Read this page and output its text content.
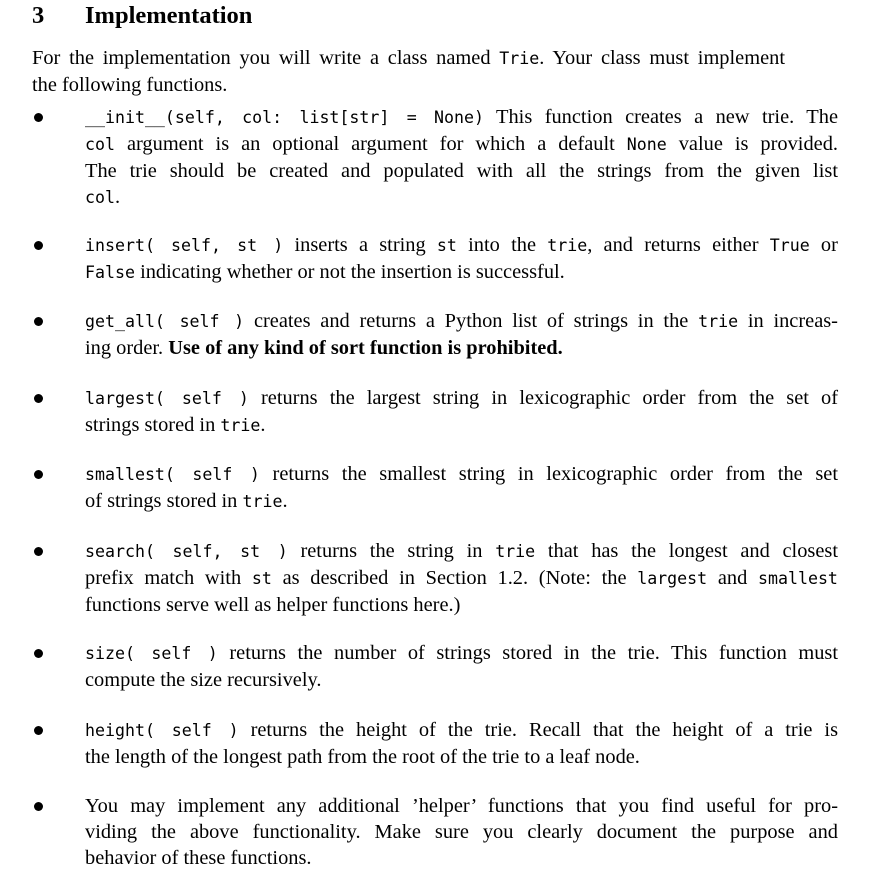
3 Implementation
For the implementation you will write a class named Trie. Your class must implement
the following functions.
__init__(self, col: list[str] = None) This function creates a new trie. The
col argument is an optional argument for which a default None value is provided.
The trie should be created and populated with all the strings from the given list
col.
insert( self, st ) inserts a string st into the trie, and returns either True or
False indicating whether or not the insertion is successful.
get_all( self ) creates and returns a Python list of strings in the trie in increas-
ing order. Use of any kind of sort function is prohibited.
largest( self ) returns the largest string in lexicographic order from the set of
strings stored in trie.
smallest( self ) returns the smallest string in lexicographic order from the set
of strings stored in trie.
search( self, st ) returns the string in trie that has the longest and closest
prefix match with st as described in Section 1.2. (Note: the largest and smallest
functions serve well as helper functions here.)
size( self ) returns the number of strings stored in the trie. This function must
compute the size recursively.
height( self ) returns the height of the trie. Recall that the height of a trie is
the length of the longest path from the root of the trie to a leaf node.
You may implement any additional ’helper’ functions that you find useful for pro-
viding the above functionality. Make sure you clearly document the purpose and
behavior of these functions.
